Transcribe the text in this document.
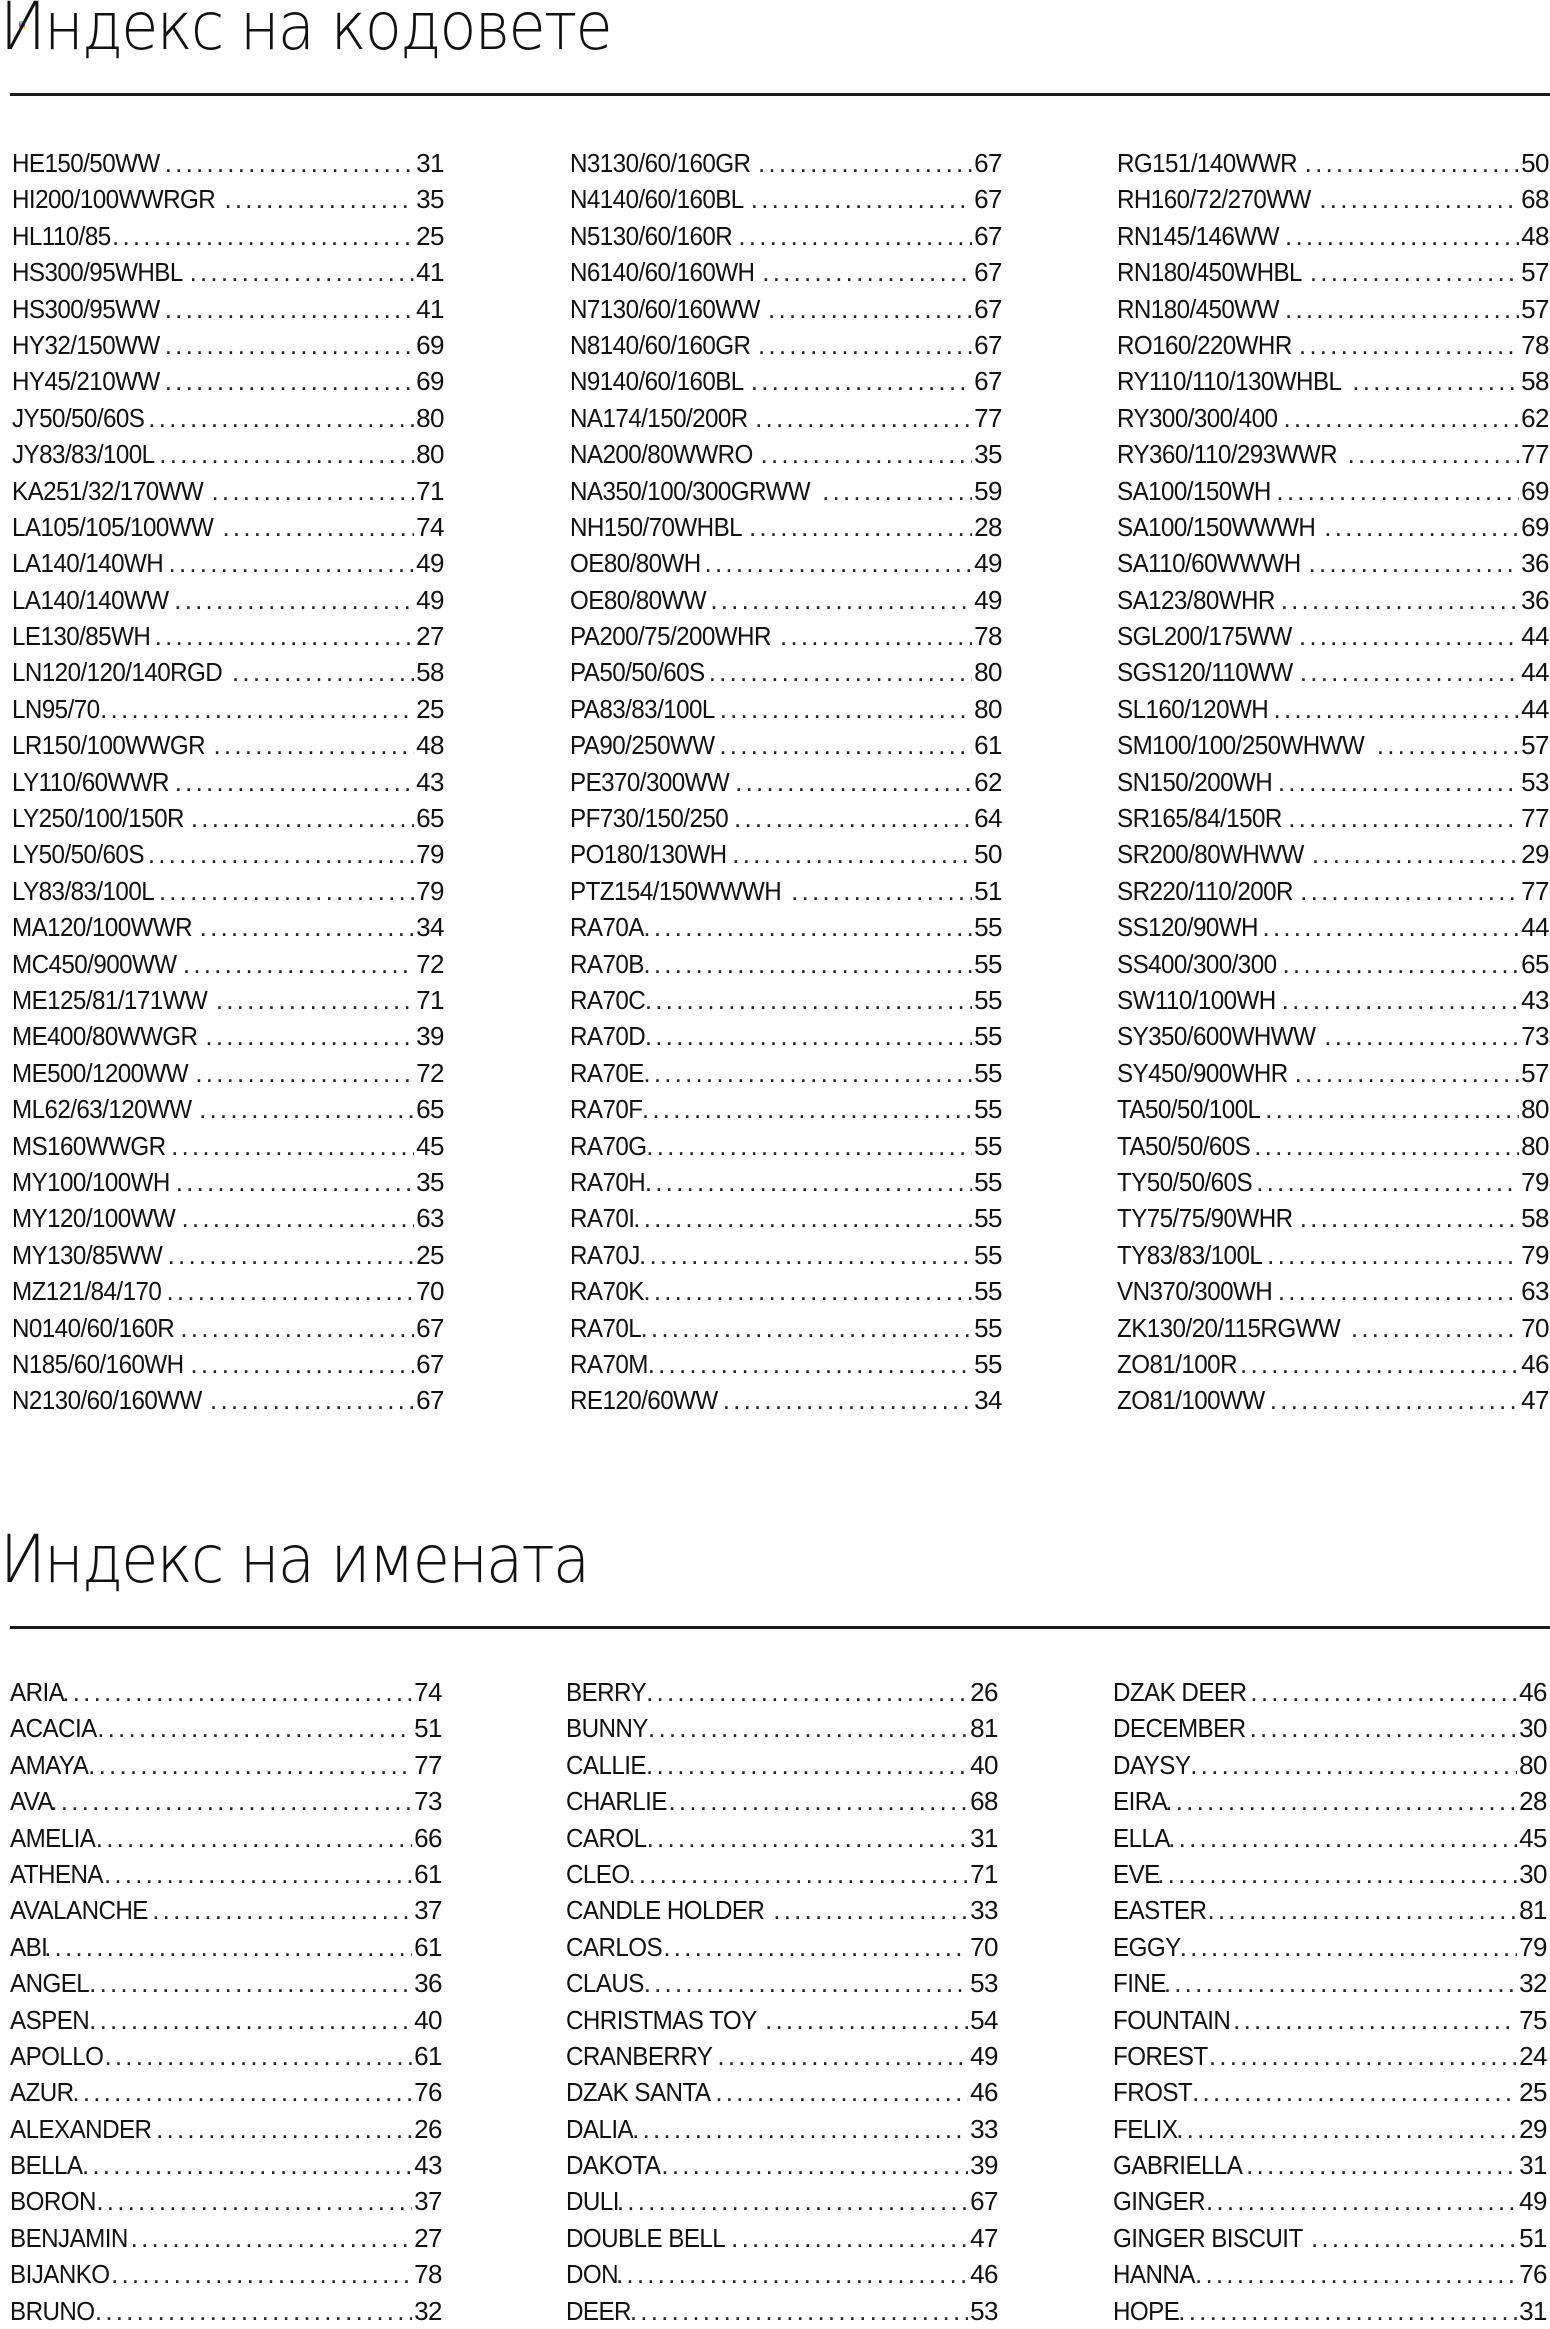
Индекс на кодовете
HE150/50WW .....	31
HI200/100WWRGR .....	35
HL110/85 .....	25
HS300/95WHBL .....	41
HS300/95WW .....	41
HY32/150WW .....	69
HY45/210WW .....	69
JY50/50/60S .....	80
JY83/83/100L .....	80
KA251/32/170WW .....	71
LA105/105/100WW .....	74
LA140/140WH .....	49
LA140/140WW .....	49
LE130/85WH .....	27
LN120/120/140RGD .....	58
LN95/70 .....	25
LR150/100WWGR .....	48
LY110/60WWR .....	43
LY250/100/150R .....	65
LY50/50/60S .....	79
LY83/83/100L .....	79
MA120/100WWR .....	34
MC450/900WW .....	72
ME125/81/171WW .....	71
ME400/80WWGR .....	39
ME500/1200WW .....	72
ML62/63/120WW .....	65
MS160WWGR .....	45
MY100/100WH .....	35
MY120/100WW .....	63
MY130/85WW .....	25
MZ121/84/170 .....	70
N0140/60/160R .....	67
N185/60/160WH .....	67
N2130/60/160WW .....	67
N3130/60/160GR .....	67
N4140/60/160BL .....	67
N5130/60/160R .....	67
N6140/60/160WH .....	67
N7130/60/160WW .....	67
N8140/60/160GR .....	67
N9140/60/160BL .....	67
NA174/150/200R .....	77
NA200/80WWRO .....	35
NA350/100/300GRWW .....	59
NH150/70WHBL .....	28
OE80/80WH .....	49
OE80/80WW .....	49
PA200/75/200WHR .....	78
PA50/50/60S .....	80
PA83/83/100L .....	80
PA90/250WW .....	61
PE370/300WW .....	62
PF730/150/250 .....	64
PO180/130WH .....	50
PTZ154/150WWWH .....	51
RA70A .....	55
RA70B .....	55
RA70C .....	55
RA70D .....	55
RA70E .....	55
RA70F .....	55
RA70G .....	55
RA70H .....	55
RA70I .....	55
RA70J .....	55
RA70K .....	55
RA70L .....	55
RA70M .....	55
RE120/60WW .....	34
RG151/140WWR .....	50
RH160/72/270WW .....	68
RN145/146WW .....	48
RN180/450WHBL .....	57
RN180/450WW .....	57
RO160/220WHR .....	78
RY110/110/130WHBL .....	58
RY300/300/400 .....	62
RY360/110/293WWR .....	77
SA100/150WH .....	69
SA100/150WWWH .....	69
SA110/60WWWH .....	36
SA123/80WHR .....	36
SGL200/175WW .....	44
SGS120/110WW .....	44
SL160/120WH .....	44
SM100/100/250WHWW .....	57
SN150/200WH .....	53
SR165/84/150R .....	77
SR200/80WHWW .....	29
SR220/110/200R .....	77
SS120/90WH .....	44
SS400/300/300 .....	65
SW110/100WH .....	43
SY350/600WHWW .....	73
SY450/900WHR .....	57
TA50/50/100L .....	80
TA50/50/60S .....	80
TY50/50/60S .....	79
TY75/75/90WHR .....	58
TY83/83/100L .....	79
VN370/300WH .....	63
ZK130/20/115RGWW .....	70
ZO81/100R .....	46
ZO81/100WW .....	47
Индекс на имената
ARIA .....	74
ACACIA .....	51
AMAYA .....	77
AVA .....	73
AMELIA .....	66
ATHENA .....	61
AVALANCHE .....	37
ABI .....	61
ANGEL .....	36
ASPEN .....	40
APOLLO .....	61
AZUR .....	76
ALEXANDER .....	26
BELLA .....	43
BORON .....	37
BENJAMIN .....	27
BIJANKO .....	78
BRUNO .....	32
BERRY .....	26
BUNNY .....	81
CALLIE .....	40
CHARLIE .....	68
CAROL .....	31
CLEO .....	71
CANDLE HOLDER .....	33
CARLOS .....	70
CLAUS .....	53
CHRISTMAS TOY .....	54
CRANBERRY .....	49
DZAK SANTA .....	46
DALIA .....	33
DAKOTA .....	39
DULI .....	67
DOUBLE BELL .....	47
DON .....	46
DEER .....	53
DZAK DEER .....	46
DECEMBER .....	30
DAYSY .....	80
EIRA .....	28
ELLA .....	45
EVE .....	30
EASTER .....	81
EGGY .....	79
FINE .....	32
FOUNTAIN .....	75
FOREST .....	24
FROST .....	25
FELIX .....	29
GABRIELLA .....	31
GINGER .....	49
GINGER BISCUIT .....	51
HANNA .....	76
HOPE .....	31
